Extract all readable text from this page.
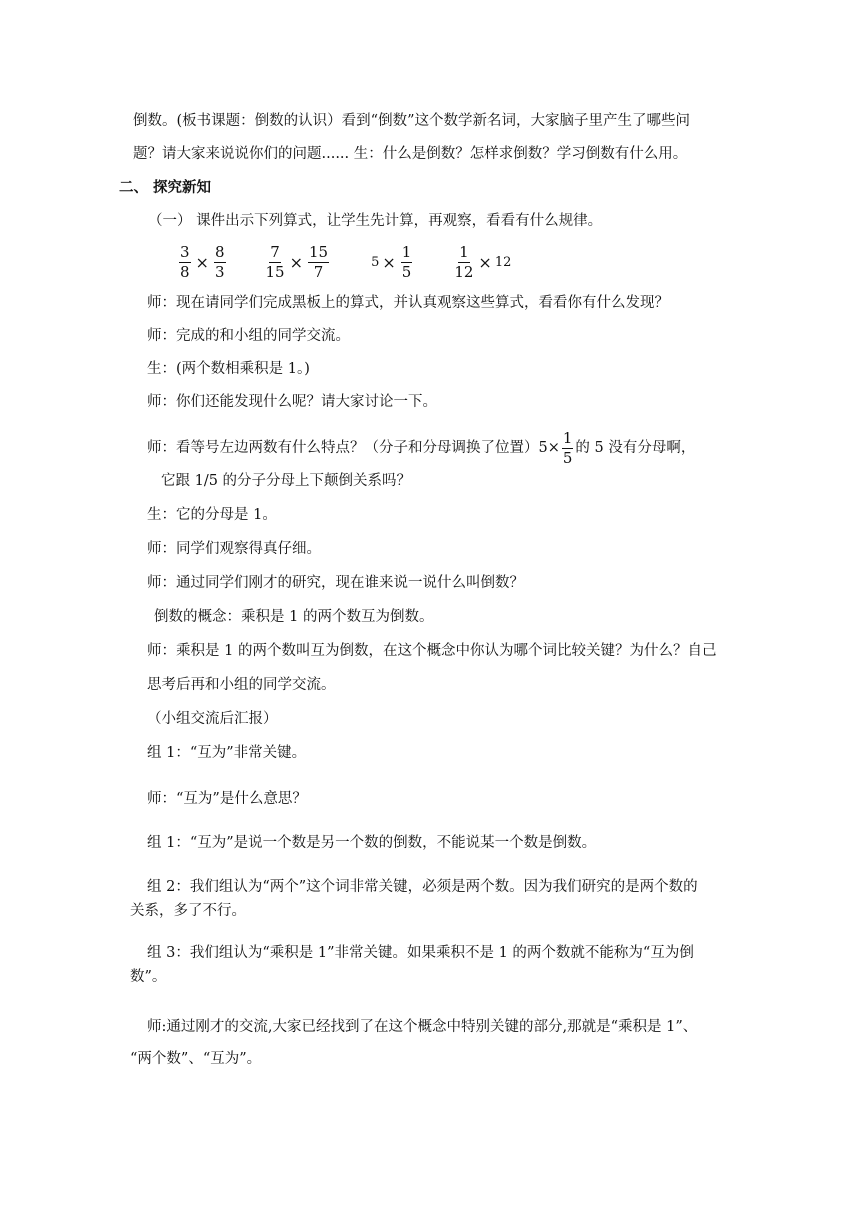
倒数。(板书课题：倒数的认识）看到“倒数”这个数学新名词，大家脑子里产生了哪些问
题？请大家来说说你们的问题...... 生：什么是倒数？怎样求倒数？学习倒数有什么用。
二、 探究新知
（一） 课件出示下列算式，让学生先计算，再观察，看看有什么规律。
$\frac{3}{8} \times \frac{8}{3}$	$\frac{7}{15} \times \frac{15}{7}$	$5 \times \frac{1}{5}$	$\frac{1}{12} \times 12$
师：现在请同学们完成黑板上的算式，并认真观察这些算式，看看你有什么发现？
师：完成的和小组的同学交流。
生：(两个数相乘积是 1。)
师：你们还能发现什么呢？请大家讨论一下。
师：看等号左边两数有什么特点？（分子和分母调换了位置）$5\times \frac{1}{5}$ 的 5 没有分母啊，
它跟 1/5 的分子分母上下颠倒关系吗？
生：它的分母是 1。
师：同学们观察得真仔细。
师：通过同学们刚才的研究，现在谁来说一说什么叫倒数？
倒数的概念：乘积是 1 的两个数互为倒数。
师：乘积是 1 的两个数叫互为倒数，在这个概念中你认为哪个词比较关键？为什么？自己
思考后再和小组的同学交流。
（小组交流后汇报）
组 1：“互为”非常关键。
师：“互为”是什么意思？
组 1：“互为”是说一个数是另一个数的倒数，不能说某一个数是倒数。
组 2：我们组认为“两个”这个词非常关键，必须是两个数。因为我们研究的是两个数的
关系，多了不行。
组 3：我们组认为“乘积是 1”非常关键。如果乘积不是 1 的两个数就不能称为“互为倒
数”。
师:通过刚才的交流,大家已经找到了在这个概念中特别关键的部分,那就是“乘积是 1”、
“两个数”、“互为”。
